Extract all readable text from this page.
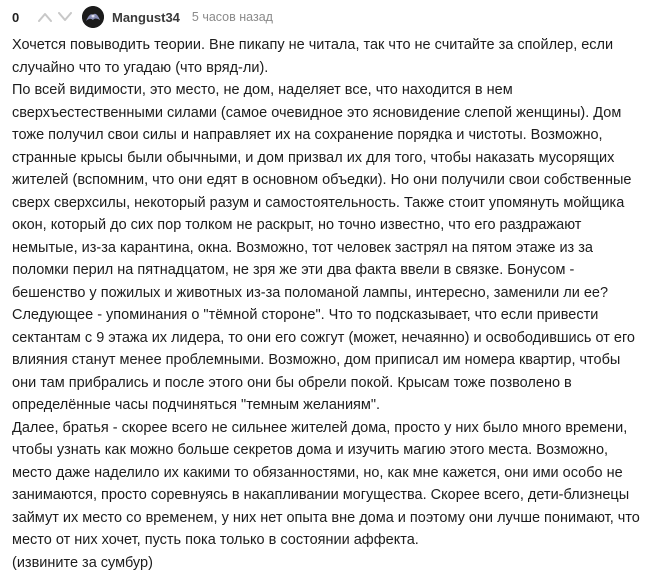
0	Mangust34 5 часов назад

Хочется повыводить теории. Вне пикапу не читала, так что не считайте за спойлер, если случайно что то угадаю (что вряд-ли).

По всей видимости, это место, не дом, наделяет все, что находится в нем сверхъестественными силами (самое очевидное это ясновидение слепой женщины). Дом тоже получил свои силы и направляет их на сохранение порядка и чистоты. Возможно, странные крысы были обычными, и дом призвал их для того, чтобы наказать мусорящих жителей (вспомним, что они едят в основном объедки). Но они получили свои собственные сверх сверхсилы, некоторый разум и самостоятельность. Также стоит упомянуть мойщика окон, который до сих пор толком не раскрыт, но точно известно, что его раздражают немытые, из-за карантина, окна. Возможно, тот человек застрял на пятом этаже из за поломки перил на пятнадцатом, не зря же эти два факта ввели в связке. Бонусом - бешенство у пожилых и животных из-за поломаной лампы, интересно, заменили ли ее?

Следующее - упоминания о "тёмной стороне". Что то подсказывает, что если привести сектантам с 9 этажа их лидера, то они его сожгут (может, нечаянно) и освободившись от его влияния станут менее проблемными. Возможно, дом приписал им номера квартир, чтобы они там прибрались и после этого они бы обрели покой. Крысам тоже позволено в определённые часы подчиняться "темным желаниям".

Далее, братья - скорее всего не сильнее жителей дома, просто у них было много времени, чтобы узнать как можно больше секретов дома и изучить магию этого места. Возможно, место даже наделило их какими то обязанностями, но, как мне кажется, они ими особо не занимаются, просто соревнуясь в накапливании могущества. Скорее всего, дети-близнецы займут их место со временем, у них нет опыта вне дома и поэтому они лучше понимают, что место от них хочет, пусть пока только в состоянии аффекта.

(извините за сумбур)
